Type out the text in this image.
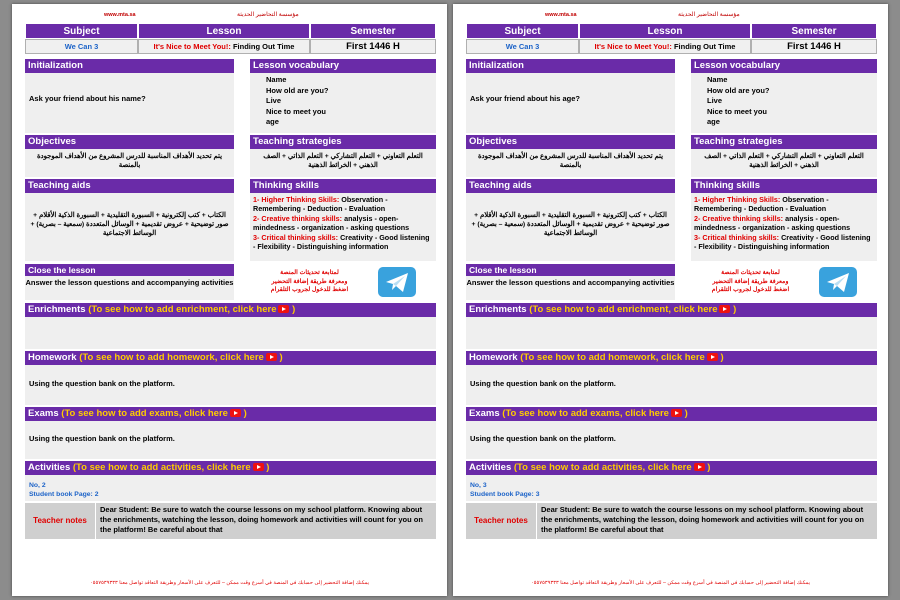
www.mta.sa	مؤسسة التحاضير الحديثة
Subject	Lesson	Semester
We Can 3	It's Nice to Meet You!: Finding Out Time	First 1446 H
Initialization
Ask your friend about his name?
Lesson vocabulary
Name
How old are you?
Live
Nice to meet you
age
Objectives
يتم تحديد الأهداف المناسبة للدرس المشروع من الأهداف الموجودة بالمنصة
Teaching strategies
التعلم التعاوني + التعلم التشاركي + التعلم الذاتي + الصف الذهني + الخرائط الذهنية
Teaching aids
الكتاب + كتب إلكترونية + السبورة التقليدية + السبورة الذكية الأقلام + صور توضيحية + عروض تقديمية + الوسائل المتعددة (سمعية – بصرية) + الوسائط الاجتماعية
Thinking skills
1- Higher Thinking Skills: Observation - Remembering - Deduction - Evaluation
2- Creative thinking skills: analysis - open-mindedness - organization - asking questions
3- Critical thinking skills: Creativity - Good listening - Flexibility - Distinguishing information
Close the lesson
Answer the lesson questions and accompanying activities
لمتابعة تحديثات المنصة
ومعرفة طريقة إضافة التحضير
اضغط للدخول لجروب التلقرام
Enrichments (To see how to add enrichment, click here )
Homework (To see how to add homework, click here )
Using the question bank on the platform.
Exams (To see how to add exams, click here )
Using the question bank on the platform.
Activities (To see how to add activities, click here )
No, 2
Student book Page: 2
Teacher notes
Dear Student: Be sure to watch the course lessons on my school platform. Knowing about the enrichments, watching the lesson, doing homework and activities will count for you on the platform! Be careful about that
يمكنك إضافة التحضير إلى حسابك في المنصة في أسرع وقت ممكن – للتعرف على الأسعار وطريقة التعاقد تواصل معنا ٠٥٥٧٥٣٩٣٣٣
www.mta.sa	مؤسسة التحاضير الحديثة
Subject	Lesson	Semester
We Can 3	It's Nice to Meet You!: Finding Out Time	First 1446 H
Initialization
Ask your friend about his age?
Lesson vocabulary
Name
How old are you?
Live
Nice to meet you
age
Objectives
يتم تحديد الأهداف المناسبة للدرس المشروع من الأهداف الموجودة بالمنصة
Teaching strategies
التعلم التعاوني + التعلم التشاركي + التعلم الذاتي + الصف الذهني + الخرائط الذهنية
Teaching aids
الكتاب + كتب إلكترونية + السبورة التقليدية + السبورة الذكية الأقلام + صور توضيحية + عروض تقديمية + الوسائل المتعددة (سمعية – بصرية) + الوسائط الاجتماعية
Thinking skills
1- Higher Thinking Skills: Observation - Remembering - Deduction - Evaluation
2- Creative thinking skills: analysis - open-mindedness - organization - asking questions
3- Critical thinking skills: Creativity - Good listening - Flexibility - Distinguishing information
Close the lesson
Answer the lesson questions and accompanying activities
لمتابعة تحديثات المنصة
ومعرفة طريقة إضافة التحضير
اضغط للدخول لجروب التلقرام
Enrichments (To see how to add enrichment, click here )
Homework (To see how to add homework, click here )
Using the question bank on the platform.
Exams (To see how to add exams, click here )
Using the question bank on the platform.
Activities (To see how to add activities, click here )
No, 3
Student book Page: 3
Teacher notes
Dear Student: Be sure to watch the course lessons on my school platform. Knowing about the enrichments, watching the lesson, doing homework and activities will count for you on the platform! Be careful about that
يمكنك إضافة التحضير إلى حسابك في المنصة في أسرع وقت ممكن – للتعرف على الأسعار وطريقة التعاقد تواصل معنا ٠٥٥٧٥٣٩٣٣٣
